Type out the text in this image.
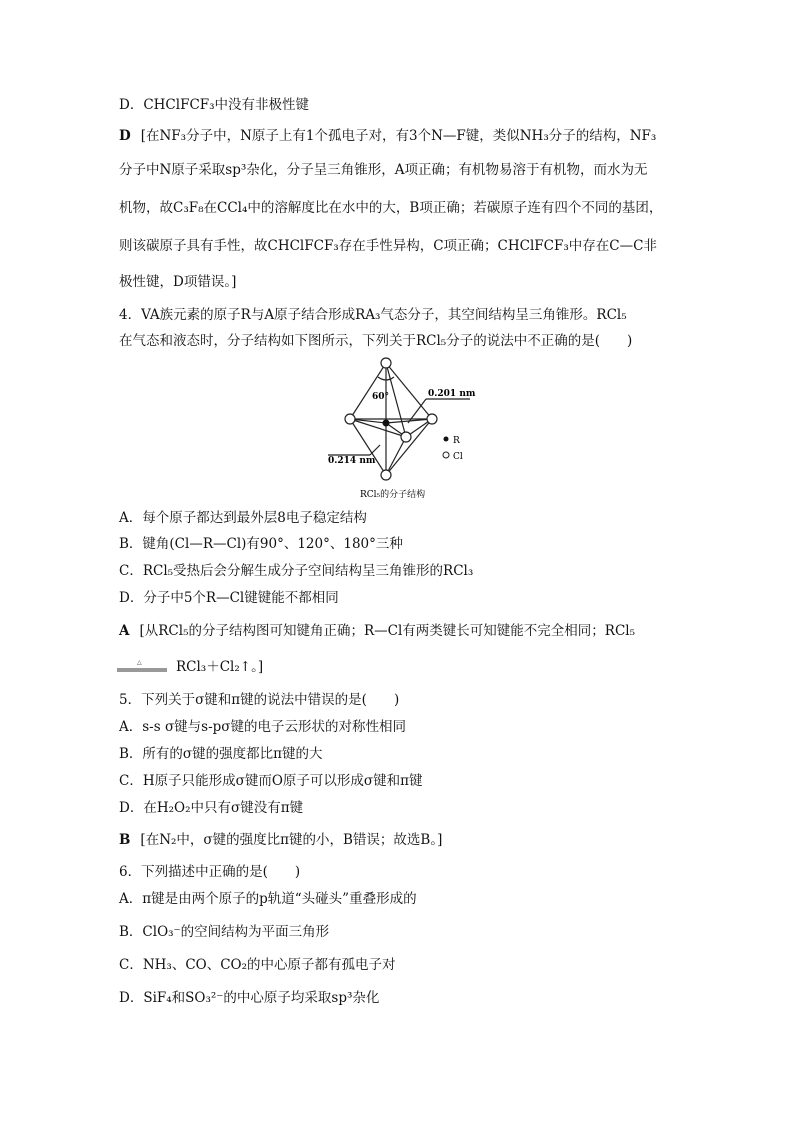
D．CHClFCF₃中没有非极性键
D [在NF₃分子中，N原子上有1个孤电子对，有3个N—F键，类似NH₃分子的结构，NF₃
分子中N原子采取sp³杂化，分子呈三角锥形，A项正确；有机物易溶于有机物，而水为无
机物，故C₃F₈在CCl₄中的溶解度比在水中的大，B项正确；若碳原子连有四个不同的基团，
则该碳原子具有手性，故CHClFCF₃存在手性异构，C项正确；CHClFCF₃中存在C—C非
极性键，D项错误。]
4．VA族元素的原子R与A原子结合形成RA₃气态分子，其空间结构呈三角锥形。RCl₅
在气态和液态时，分子结构如下图所示，下列关于RCl₅分子的说法中不正确的是(　　)
60°	0.201 nm
0.214 nm
R
Cl
RCl₅的分子结构
A．每个原子都达到最外层8电子稳定结构
B．键角(Cl—R—Cl)有90°、120°、180°三种
C．RCl₅受热后会分解生成分子空间结构呈三角锥形的RCl₃
D．分子中5个R—Cl键键能不都相同
A [从RCl₅的分子结构图可知键角正确；R—Cl有两类键长可知键能不完全相同；RCl₅
△	RCl₃＋Cl₂↑。]
5．下列关于σ键和π键的说法中错误的是(　　)
A．s-s σ键与s-pσ键的电子云形状的对称性相同
B．所有的σ键的强度都比π键的大
C．H原子只能形成σ键而O原子可以形成σ键和π键
D．在H₂O₂中只有σ键没有π键
B [在N₂中，σ键的强度比π键的小，B错误；故选B。]
6．下列描述中正确的是(　　)
A．π键是由两个原子的p轨道“头碰头”重叠形成的
B．ClO₃⁻的空间结构为平面三角形
C．NH₃、CO、CO₂的中心原子都有孤电子对
D．SiF₄和SO₃²⁻的中心原子均采取sp³杂化
